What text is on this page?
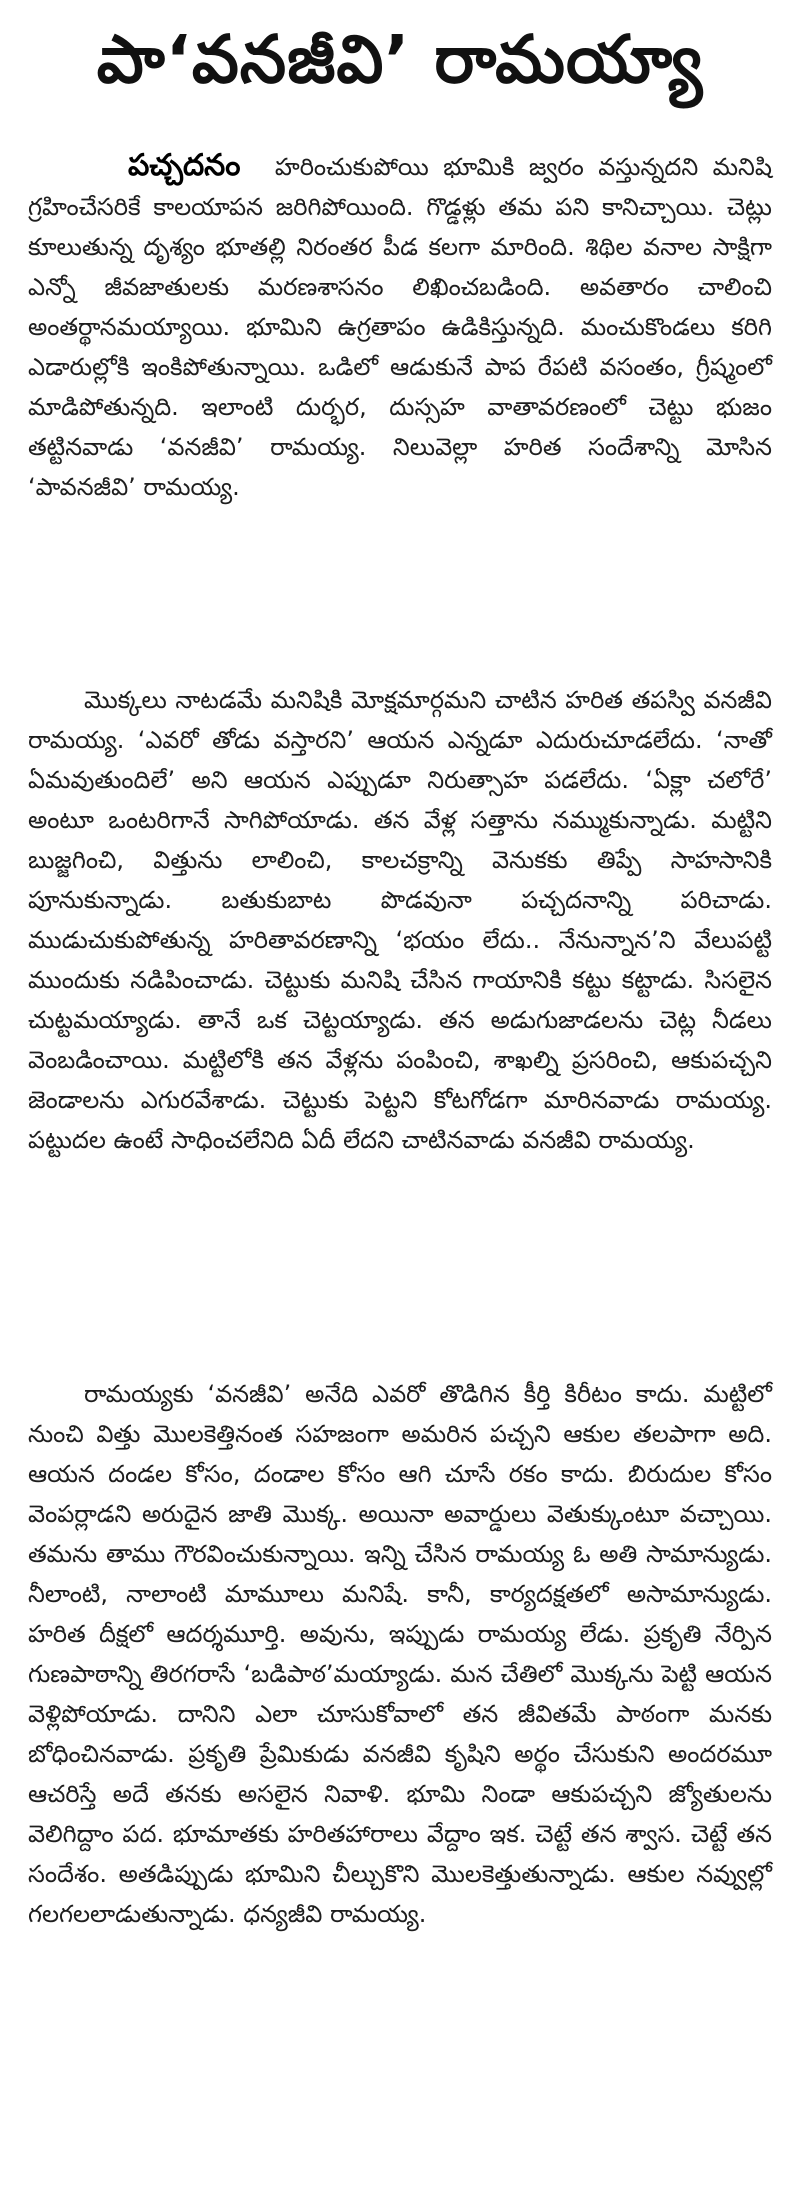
పా‘వనజీవి’ రామయ్యా

పచ్చదనం హరించుకుపోయి భూమికి జ్వరం వస్తున్నదని మనిషి గ్రహించేసరికే కాలయాపన జరిగిపోయింది. గొడ్డళ్లు తమ పని కానిచ్చాయి. చెట్లు కూలుతున్న దృశ్యం భూతల్లి నిరంతర పీడ కలగా మారింది. శిథిల వనాల సాక్షిగా ఎన్నో జీవజాతులకు మరణశాసనం లిఖించబడింది. అవతారం చాలించి అంతర్థానమయ్యాయి. భూమిని ఉగ్రతాపం ఉడికిస్తున్నది. మంచుకొండలు కరిగి ఎడారుల్లోకి ఇంకిపోతున్నాయి. ఒడిలో ఆడుకునే పాప రేపటి వసంతం, గ్రీష్మంలో మాడిపోతున్నది. ఇలాంటి దుర్భర, దుస్సహ వాతావరణంలో చెట్టు భుజం తట్టినవాడు ‘వనజీవి’ రామయ్య. నిలువెల్లా హరిత సందేశాన్ని మోసిన ‘పావనజీవి’ రామయ్య.

మొక్కలు నాటడమే మనిషికి మోక్షమార్గమని చాటిన హరిత తపస్వి వనజీవి రామయ్య. ‘ఎవరో తోడు వస్తారని’ ఆయన ఎన్నడూ ఎదురుచూడలేదు. ‘నాతో ఏమవుతుందిలే’ అని ఆయన ఎప్పుడూ నిరుత్సాహ పడలేదు. ‘ఏక్లా చలోరే’ అంటూ ఒంటరిగానే సాగిపోయాడు. తన వేళ్ల సత్తాను నమ్ముకున్నాడు. మట్టిని బుజ్జగించి, విత్తును లాలించి, కాలచక్రాన్ని వెనుకకు తిప్పే సాహసానికి పూనుకున్నాడు. బతుకుబాట పొడవునా పచ్చదనాన్ని పరిచాడు. ముడుచుకుపోతున్న హరితావరణాన్ని ‘భయం లేదు.. నేనున్నాన’ని వేలుపట్టి ముందుకు నడిపించాడు. చెట్టుకు మనిషి చేసిన గాయానికి కట్టు కట్టాడు. సిసలైన చుట్టమయ్యాడు. తానే ఒక చెట్టయ్యాడు. తన అడుగుజాడలను చెట్ల నీడలు వెంబడించాయి. మట్టిలోకి తన వేళ్లను పంపించి, శాఖల్ని ప్రసరించి, ఆకుపచ్చని జెండాలను ఎగురవేశాడు. చెట్టుకు పెట్టని కోటగోడగా మారినవాడు రామయ్య. పట్టుదల ఉంటే సాధించలేనిది ఏదీ లేదని చాటినవాడు వనజీవి రామయ్య.

రామయ్యకు ‘వనజీవి’ అనేది ఎవరో తొడిగిన కీర్తి కిరీటం కాదు. మట్టిలో నుంచి విత్తు మొలకెత్తినంత సహజంగా అమరిన పచ్చని ఆకుల తలపాగా అది. ఆయన దండల కోసం, దండాల కోసం ఆగి చూసే రకం కాదు. బిరుదుల కోసం వెంపర్లాడని అరుదైన జాతి మొక్క. అయినా అవార్డులు వెతుక్కుంటూ వచ్చాయి. తమను తాము గౌరవించుకున్నాయి. ఇన్ని చేసిన రామయ్య ఓ అతి సామాన్యుడు. నీలాంటి, నాలాంటి మామూలు మనిషే. కానీ, కార్యదక్షతలో అసామాన్యుడు. హరిత దీక్షలో ఆదర్శమూర్తి. అవును, ఇప్పుడు రామయ్య లేడు. ప్రకృతి నేర్పిన గుణపాఠాన్ని తిరగరాసే ‘బడిపాఠ’మయ్యాడు. మన చేతిలో మొక్కను పెట్టి ఆయన వెళ్లిపోయాడు. దానిని ఎలా చూసుకోవాలో తన జీవితమే పాఠంగా మనకు బోధించినవాడు. ప్రకృతి ప్రేమికుడు వనజీవి కృషిని అర్థం చేసుకుని అందరమూ ఆచరిస్తే అదే తనకు అసలైన నివాళి. భూమి నిండా ఆకుపచ్చని జ్యోతులను వెలిగిద్దాం పద. భూమాతకు హరితహారాలు వేద్దాం ఇక. చెట్టే తన శ్వాస. చెట్టే తన సందేశం. అతడిప్పుడు భూమిని చీల్చుకొని మొలకెత్తుతున్నాడు. ఆకుల నవ్వుల్లో గలగలలాడుతున్నాడు. ధన్యజీవి రామయ్య.
